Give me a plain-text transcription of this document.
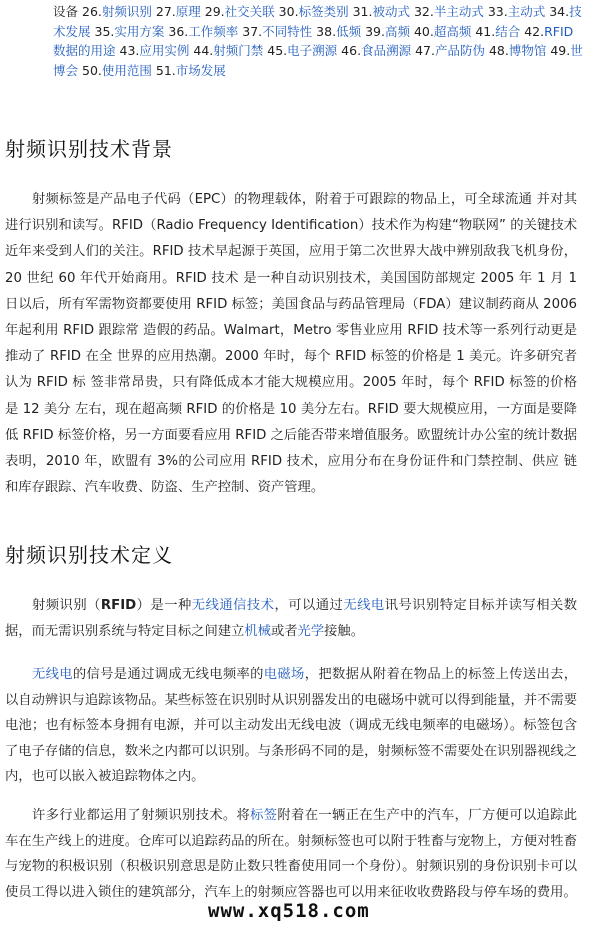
设备 26.射频识别 27.原理 29.社交关联 30.标签类别 31.被动式 32.半主动式 33.主动式 34.技术发展 35.实用方案 36.工作频率 37.不同特性 38.低频 39.高频 40.超高频 41.结合 42.RFID 数据的用途 43.应用实例 44.射频门禁 45.电子溯源 46.食品溯源 47.产品防伪 48.博物馆 49.世博会 50.使用范围 51.市场发展
射频识别技术背景

射频标签是产品电子代码（EPC）的物理载体，附着于可跟踪的物品上，可全球流通 并对其进行识别和读写。RFID（Radio Frequency Identification）技术作为构建“物联网” 的关键技术近年来受到人们的关注。RFID 技术早起源于英国，应用于第二次世界大战中辨别敌我飞机身份，20 世纪 60 年代开始商用。RFID 技术 是一种自动识别技术，美国国防部规定 2005 年 1 月 1 日以后，所有军需物资都要使用 RFID 标签；美国食品与药品管理局（FDA）建议制药商从 2006 年起利用 RFID 跟踪常 造假的药品。Walmart，Metro 零售业应用 RFID 技术等一系列行动更是推动了 RFID 在全 世界的应用热潮。2000 年时，每个 RFID 标签的价格是 1 美元。许多研究者认为 RFID 标 签非常昂贵，只有降低成本才能大规模应用。2005 年时，每个 RFID 标签的价格是 12 美分 左右，现在超高频 RFID 的价格是 10 美分左右。RFID 要大规模应用，一方面是要降低 RFID 标签价格，另一方面要看应用 RFID 之后能否带来增值服务。欧盟统计办公室的统计数据表明，2010 年，欧盟有 3%的公司应用 RFID 技术，应用分布在身份证件和门禁控制、供应 链和库存跟踪、汽车收费、防盗、生产控制、资产管理。

射频识别技术定义

射频识别（RFID）是一种无线通信技术，可以通过无线电讯号识别特定目标并读写相关数据，而无需识别系统与特定目标之间建立机械或者光学接触。

无线电的信号是通过调成无线电频率的电磁场，把数据从附着在物品上的标签上传送出去，以自动辨识与追踪该物品。某些标签在识别时从识别器发出的电磁场中就可以得到能量，并不需要电池；也有标签本身拥有电源，并可以主动发出无线电波（调成无线电频率的电磁场）。标签包含了电子存储的信息，数米之内都可以识别。与条形码不同的是，射频标签不需要处在识别器视线之内，也可以嵌入被追踪物体之内。

许多行业都运用了射频识别技术。将标签附着在一辆正在生产中的汽车，厂方便可以追踪此车在生产线上的进度。仓库可以追踪药品的所在。射频标签也可以附于牲畜与宠物上，方便对牲畜与宠物的积极识别（积极识别意思是防止数只牲畜使用同一个身份）。射频识别的身份识别卡可以使员工得以进入锁住的建筑部分，汽车上的射频应答器也可以用来征收收费路段与停车场的费用。

www.xq518.com
